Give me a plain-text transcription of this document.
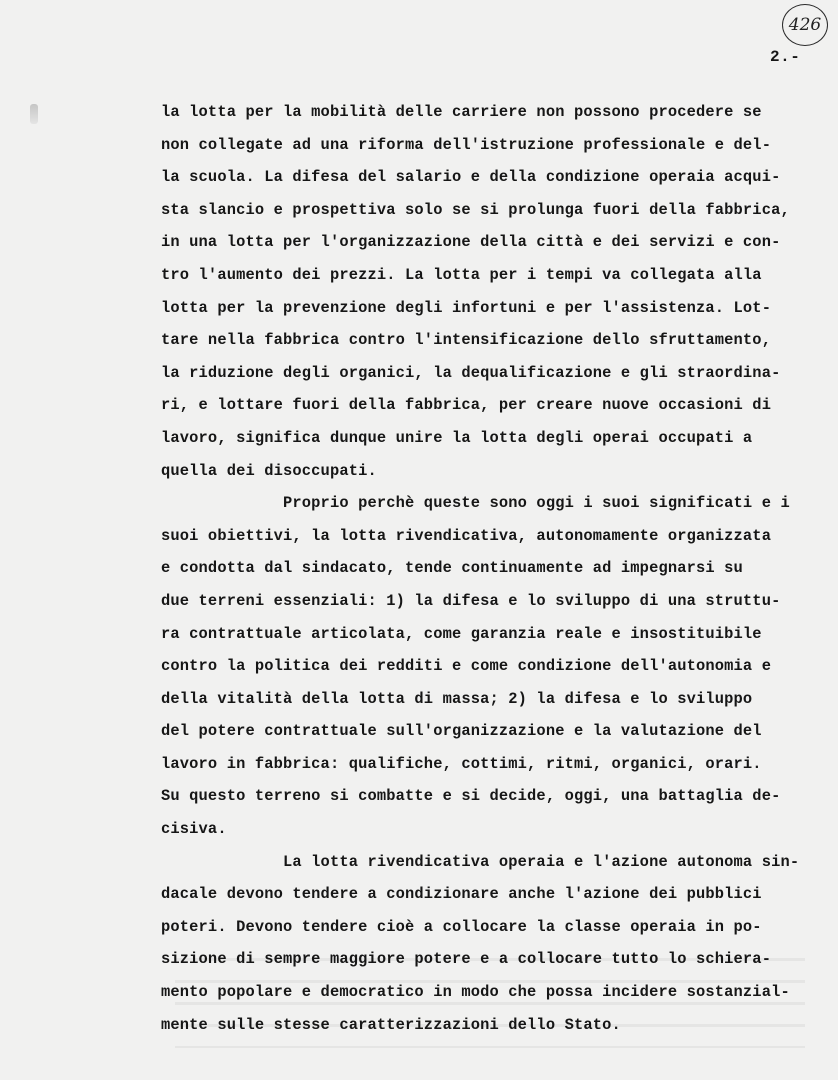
426
2.-
la lotta per la mobilità delle carriere non possono procedere se
non collegate ad una riforma dell'istruzione professionale e del-
la scuola. La difesa del salario e della condizione operaia acqui-
sta slancio e prospettiva solo se si prolunga fuori della fabbrica,
in una lotta per l'organizzazione della città e dei servizi e con-
tro l'aumento dei prezzi. La lotta per i tempi va collegata alla
lotta per la prevenzione degli infortuni e per l'assistenza. Lot-
tare nella fabbrica contro l'intensificazione dello sfruttamento,
la riduzione degli organici, la dequalificazione e gli straordina-
ri, e lottare fuori della fabbrica, per creare nuove occasioni di
lavoro, significa dunque unire la lotta degli operai occupati a
quella dei disoccupati.
Proprio perchè queste sono oggi i suoi significati e i
suoi obiettivi, la lotta rivendicativa, autonomamente organizzata
e condotta dal sindacato, tende continuamente ad impegnarsi su
due terreni essenziali: 1) la difesa e lo sviluppo di una struttu-
ra contrattuale articolata, come garanzia reale e insostituibile
contro la politica dei redditi e come condizione dell'autonomia e
della vitalità della lotta di massa; 2) la difesa e lo sviluppo
del potere contrattuale sull'organizzazione e la valutazione del
lavoro in fabbrica: qualifiche, cottimi, ritmi, organici, orari.
Su questo terreno si combatte e si decide, oggi, una battaglia de-
cisiva.
La lotta rivendicativa operaia e l'azione autonoma sin-
dacale devono tendere a condizionare anche l'azione dei pubblici
poteri. Devono tendere cioè a collocare la classe operaia in po-
sizione di sempre maggiore potere e a collocare tutto lo schiera-
mento popolare e democratico in modo che possa incidere sostanzial-
mente sulle stesse caratterizzazioni dello Stato.
